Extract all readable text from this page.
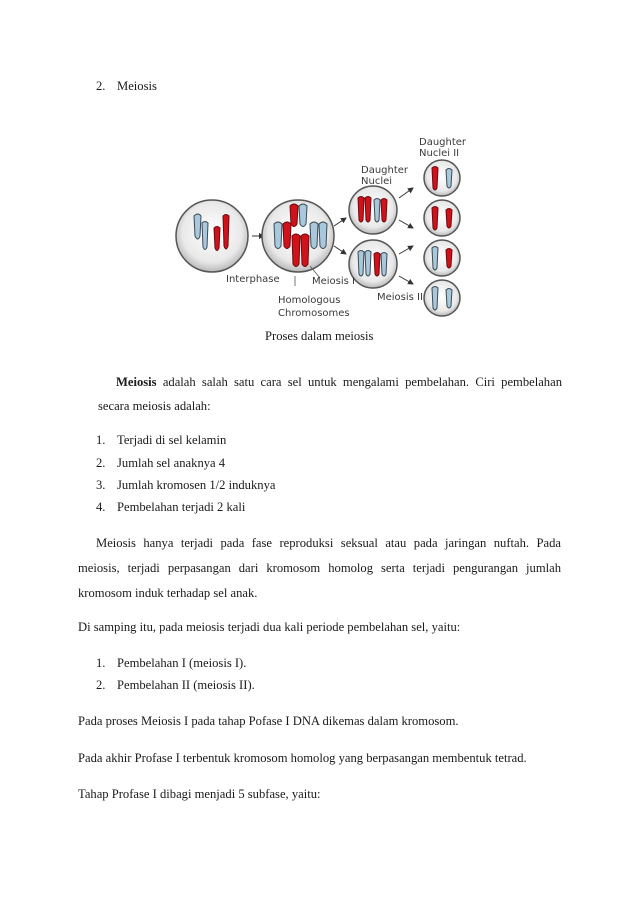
2. Meiosis
Interphase	Meiosis I
Meiosis II
Homologous
Chromosomes
Daughter
Nuclei
Daughter
Nuclei II
Proses dalam meiosis
Meiosis adalah salah satu cara sel untuk mengalami pembelahan. Ciri pembelahan
secara meiosis adalah:
1. Terjadi di sel kelamin
2. Jumlah sel anaknya 4
3. Jumlah kromosen 1/2 induknya
4. Pembelahan terjadi 2 kali
Meiosis hanya terjadi pada fase reproduksi seksual atau pada jaringan nuftah. Pada
meiosis, terjadi perpasangan dari kromosom homolog serta terjadi pengurangan jumlah
kromosom induk terhadap sel anak.
Di samping itu, pada meiosis terjadi dua kali periode pembelahan sel, yaitu:
1. Pembelahan I (meiosis I).
2. Pembelahan II (meiosis II).
Pada proses Meiosis I pada tahap Pofase I DNA dikemas dalam kromosom.
Pada akhir Profase I terbentuk kromosom homolog yang berpasangan membentuk tetrad.
Tahap Profase I dibagi menjadi 5 subfase, yaitu:
